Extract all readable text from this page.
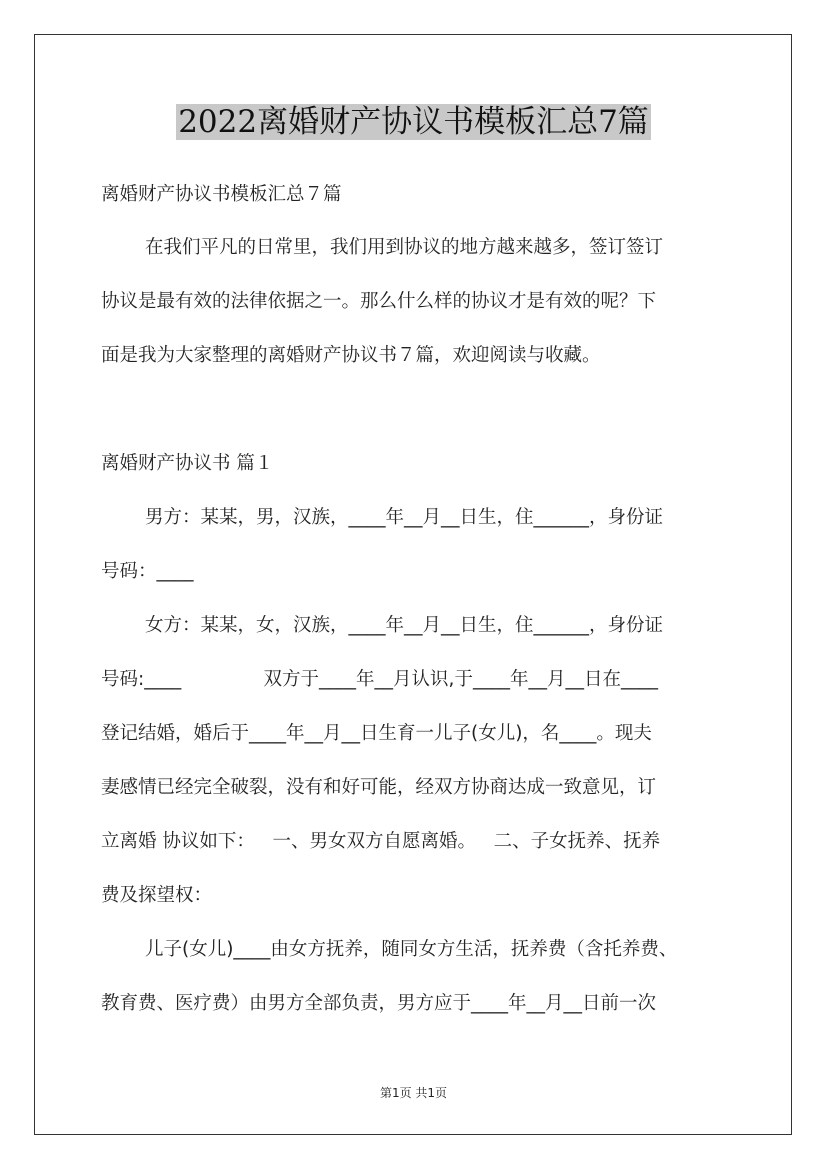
2022离婚财产协议书模板汇总7篇
离婚财产协议书模板汇总７篇
在我们平凡的日常里，我们用到协议的地方越来越多，签订签订
协议是最有效的法律依据之一。那么什么样的协议才是有效的呢？下
面是我为大家整理的离婚财产协议书７篇，欢迎阅读与收藏。
离婚财产协议书 篇１
男方：某某，男，汉族，____年__月__日生，住______，身份证
号码：____
女方：某某，女，汉族，____年__月__日生，住______，身份证
号码:____              双方于____年__月认识,于____年__月__日在____
登记结婚，婚后于____年__月__日生育一儿子(女儿)，名____。现夫
妻感情已经完全破裂，没有和好可能，经双方协商达成一致意见，订
立离婚 协议如下：   一、男女双方自愿离婚。   二、子女抚养、抚养
费及探望权：
儿子(女儿)____由女方抚养，随同女方生活，抚养费（含托养费、
教育费、医疗费）由男方全部负责，男方应于____年__月__日前一次
第1页 共1页
